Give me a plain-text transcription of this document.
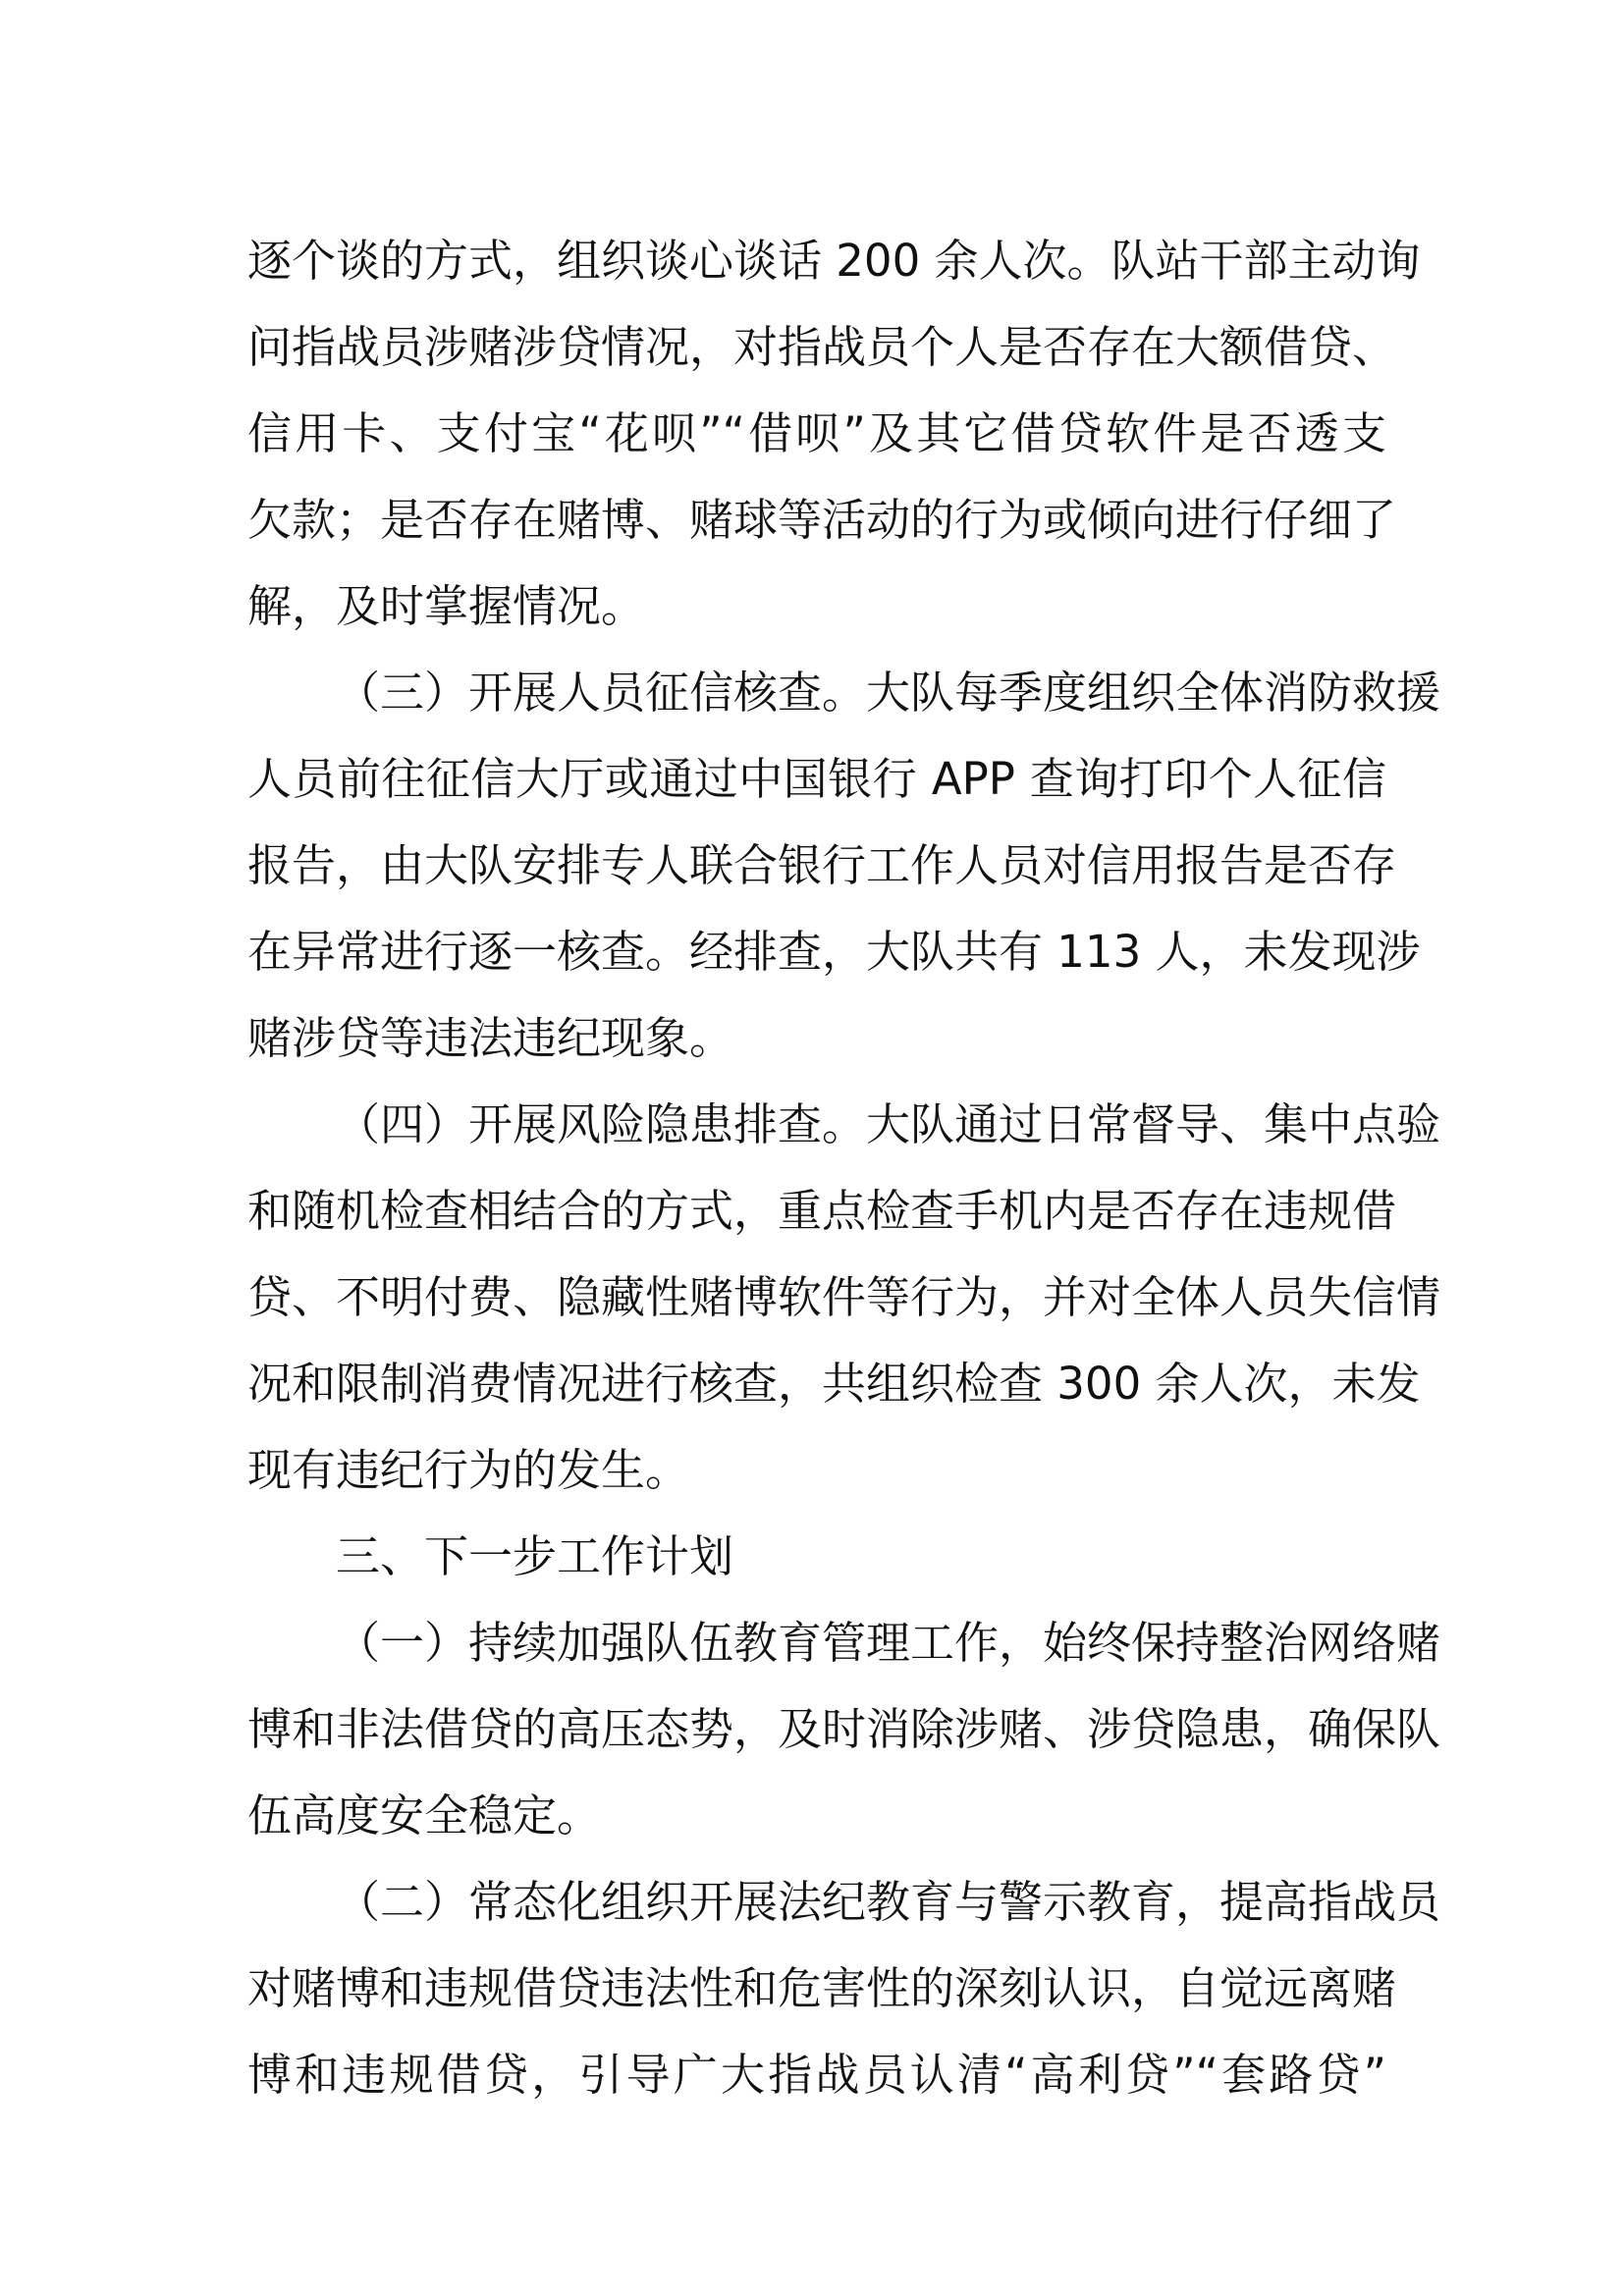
逐个谈的方式，组织谈心谈话 200 余人次。队站干部主动询
问指战员涉赌涉贷情况，对指战员个人是否存在大额借贷、
信用卡、支付宝“花呗”“借呗”及其它借贷软件是否透支
欠款；是否存在赌博、赌球等活动的行为或倾向进行仔细了
解，及时掌握情况。
（三）开展人员征信核查。大队每季度组织全体消防救援
人员前往征信大厅或通过中国银行 APP 查询打印个人征信
报告，由大队安排专人联合银行工作人员对信用报告是否存
在异常进行逐一核查。经排查，大队共有 113 人，未发现涉
赌涉贷等违法违纪现象。
（四）开展风险隐患排查。大队通过日常督导、集中点验
和随机检查相结合的方式，重点检查手机内是否存在违规借
贷、不明付费、隐藏性赌博软件等行为，并对全体人员失信情
况和限制消费情况进行核查，共组织检查 300 余人次，未发
现有违纪行为的发生。
三、下一步工作计划
（一）持续加强队伍教育管理工作，始终保持整治网络赌
博和非法借贷的高压态势，及时消除涉赌、涉贷隐患，确保队
伍高度安全稳定。
（二）常态化组织开展法纪教育与警示教育，提高指战员
对赌博和违规借贷违法性和危害性的深刻认识，自觉远离赌
博和违规借贷，引导广大指战员认清“高利贷”“套路贷”
